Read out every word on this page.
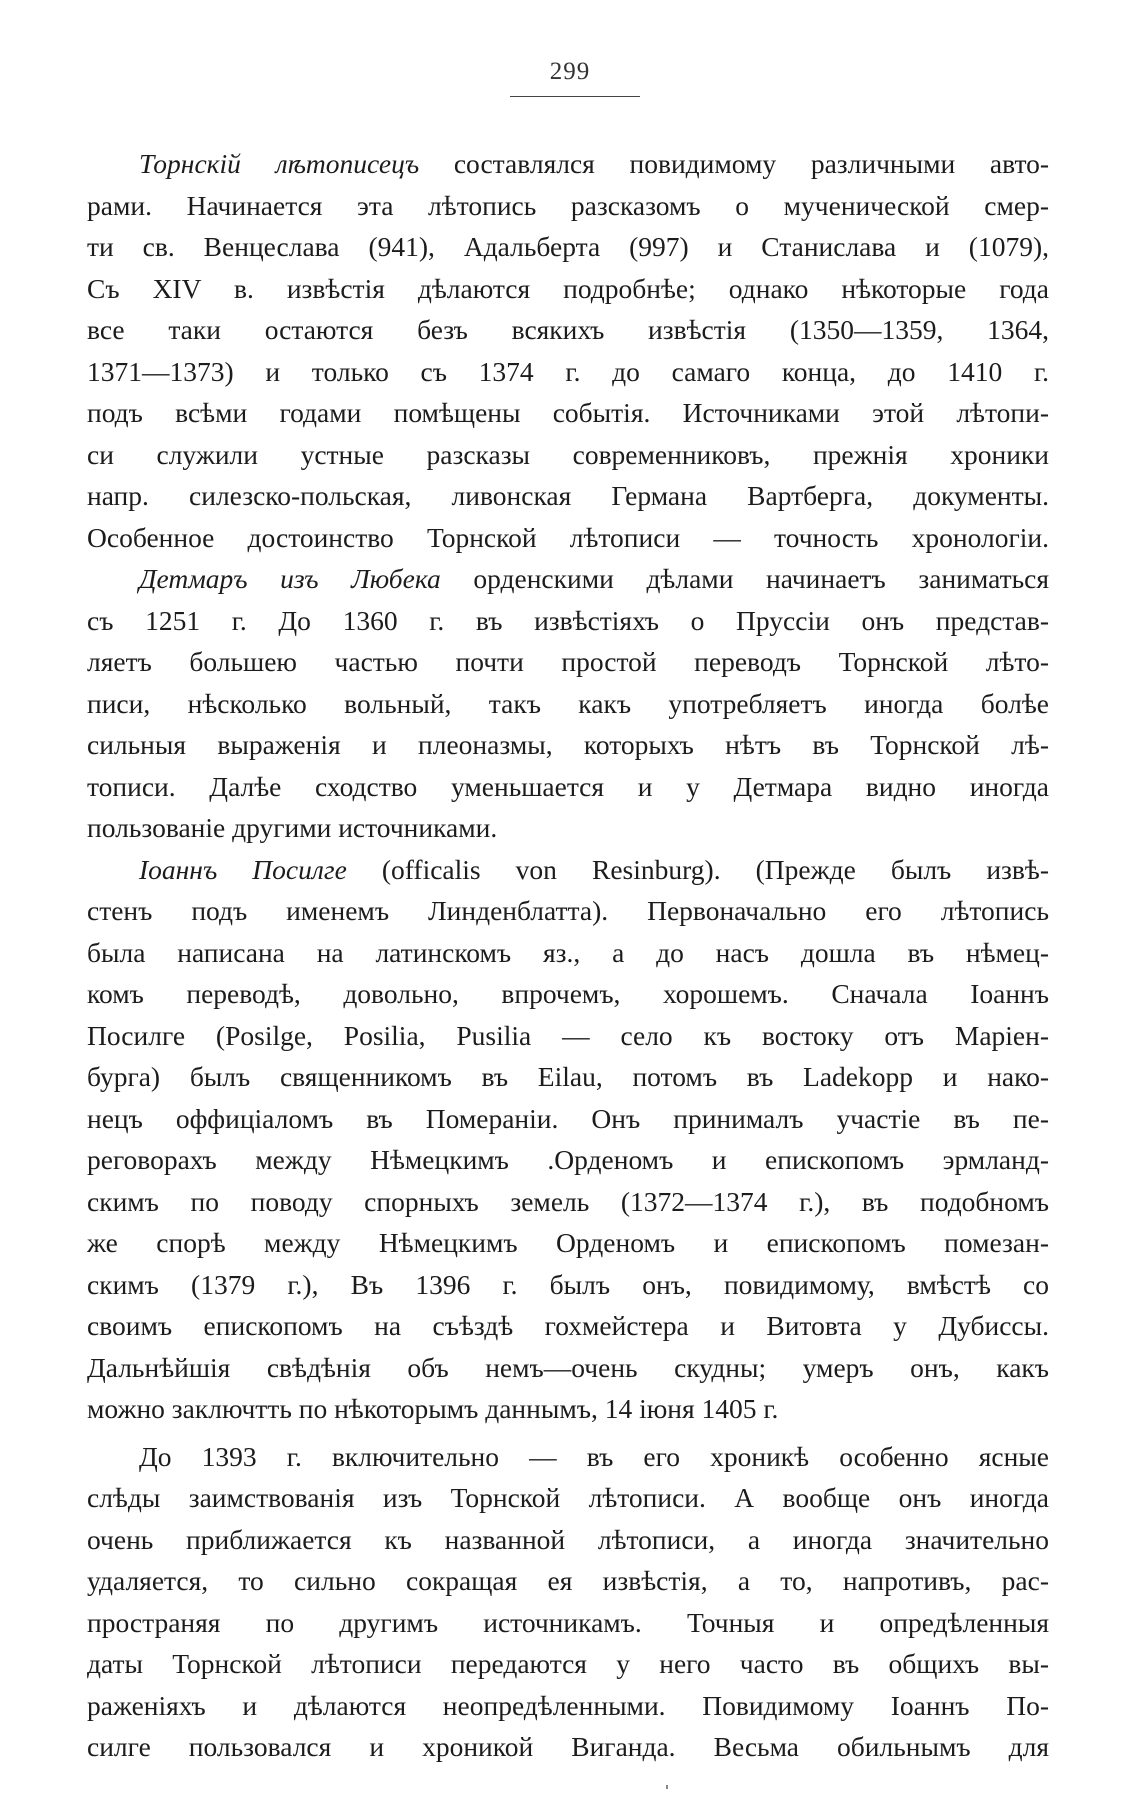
299

Торнскій лѣтописецъ составлялся повидимому различными авто-
рами. Начинается эта лѣтопись разсказомъ о мученической смер-
ти св. Венцеслава (941), Адальберта (997) и Станислава и (1079),
Съ XIV в. извѣстія дѣлаются подробнѣе; однако нѣкоторые года
все таки остаются безъ всякихъ извѣстія (1350—1359, 1364,
1371—1373) и только съ 1374 г. до самаго конца, до 1410 г.
подъ всѣми годами помѣщены событія. Источниками этой лѣтопи-
си служили устные разсказы современниковъ, прежнія хроники
напр. силезско-польская, ливонская Германа Вартберга, документы.
Особенное достоинство Торнской лѣтописи — точность хронологіи.

Детмаръ изъ Любека орденскими дѣлами начинаетъ заниматься
съ 1251 г. До 1360 г. въ извѣстіяхъ о Пруссіи онъ представ-
ляетъ большею частью почти простой переводъ Торнской лѣто-
писи, нѣсколько вольный, такъ какъ употребляетъ иногда болѣе
сильныя выраженія и плеоназмы, которыхъ нѣтъ въ Торнской лѣ-
тописи. Далѣе сходство уменьшается и у Детмара видно иногда
пользованіе другими источниками.

Іоаннъ Посилге (officalis von Resinburg). (Прежде былъ извѣ-
стенъ подъ именемъ Линденблатта). Первоначально его лѣтопись
была написана на латинскомъ яз., а до насъ дошла въ нѣмец-
комъ переводѣ, довольно, впрочемъ, хорошемъ. Сначала Іоаннъ
Посилге (Posilge, Posilia, Pusilia — село къ востоку отъ Маріен-
бурга) былъ священникомъ въ Eilau, потомъ въ Ladekopp и нако-
нецъ оффиціаломъ въ Помераніи. Онъ принималъ участіе въ пе-
реговорахъ между Нѣмецкимъ .Орденомъ и епископомъ эрмланд-
скимъ по поводу спорныхъ земель (1372—1374 г.), въ подобномъ
же спорѣ между Нѣмецкимъ Орденомъ и епископомъ помезан-
скимъ (1379 г.), Въ 1396 г. былъ онъ, повидимому, вмѣстѣ со
своимъ епископомъ на съѣздѣ гохмейстера и Витовта у Дубиссы.
Дальнѣйшія свѣдѣнія объ немъ—очень скудны; умеръ онъ, какъ
можно заключтть по нѣкоторымъ даннымъ, 14 іюня 1405 г.

До 1393 г. включительно — въ его хроникѣ особенно ясные
слѣды заимствованія изъ Торнской лѣтописи. А вообще онъ иногда
очень приближается къ названной лѣтописи, а иногда значительно
удаляется, то сильно сокращая ея извѣстія, а то, напротивъ, рас-
пространяя по другимъ источникамъ. Точныя и опредѣленныя
даты Торнской лѣтописи передаются у него часто въ общихъ вы-
раженіяхъ и дѣлаются неопредѣленными. Повидимому Іоаннъ По-
силге пользовался и хроникой Виганда. Весьма обильнымъ для
